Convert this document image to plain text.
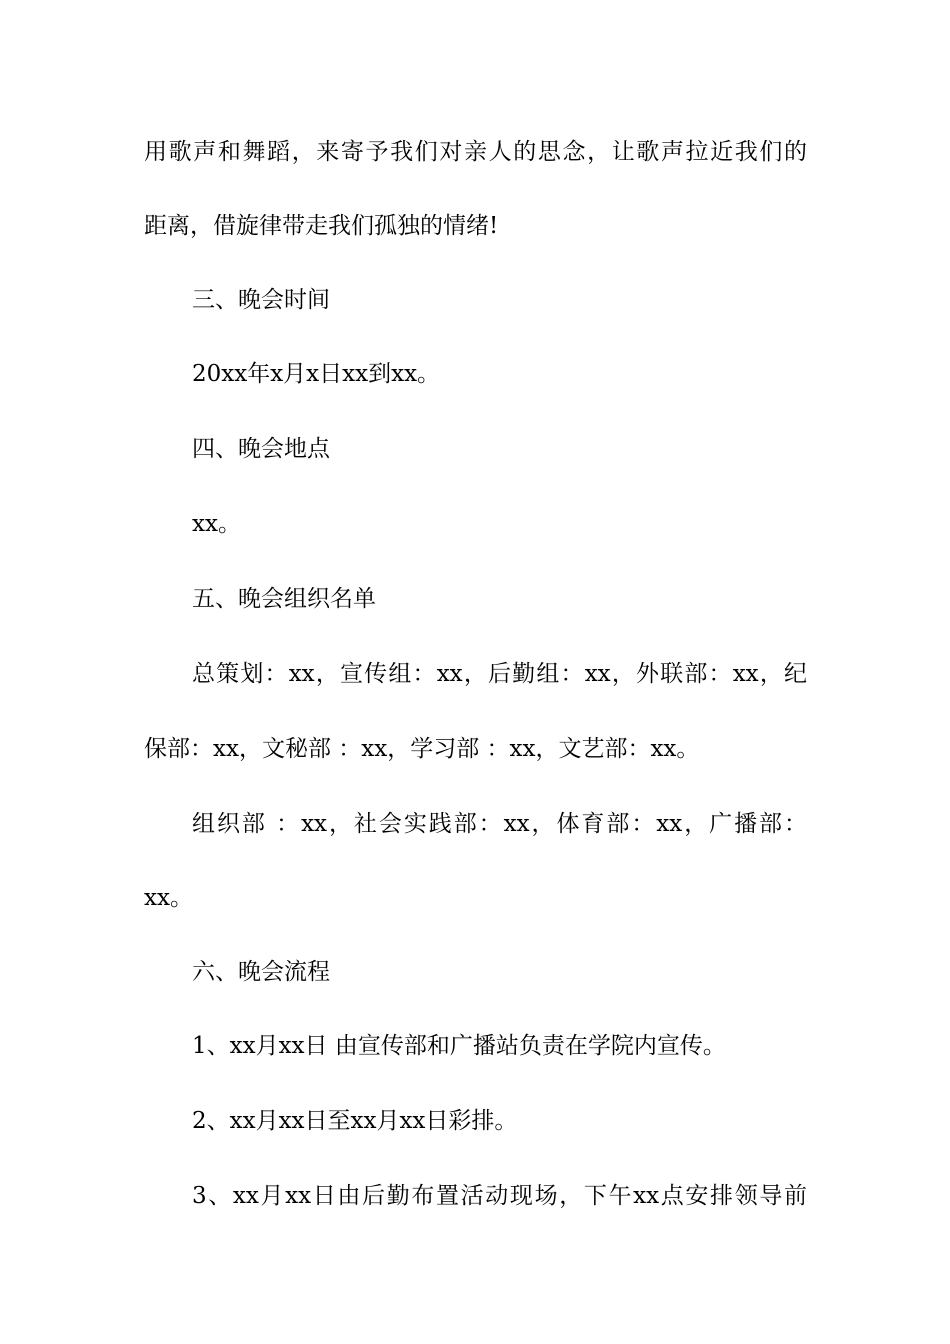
用歌声和舞蹈，来寄予我们对亲人的思念，让歌声拉近我们的
距离，借旋律带走我们孤独的情绪!
三、晚会时间
20xx年x月x日xx到xx。
四、晚会地点
xx。
五、晚会组织名单
总策划：xx，宣传组：xx，后勤组：xx，外联部：xx，纪
保部：xx，文秘部 ：xx，学习部 ：xx，文艺部：xx。
组织部 ：xx，社会实践部：xx，体育部：xx，广播部：
xx。
六、晚会流程
1、xx月xx日 由宣传部和广播站负责在学院内宣传。
2、xx月xx日至xx月xx日彩排。
3、xx月xx日由后勤布置活动现场，下午xx点安排领导前
